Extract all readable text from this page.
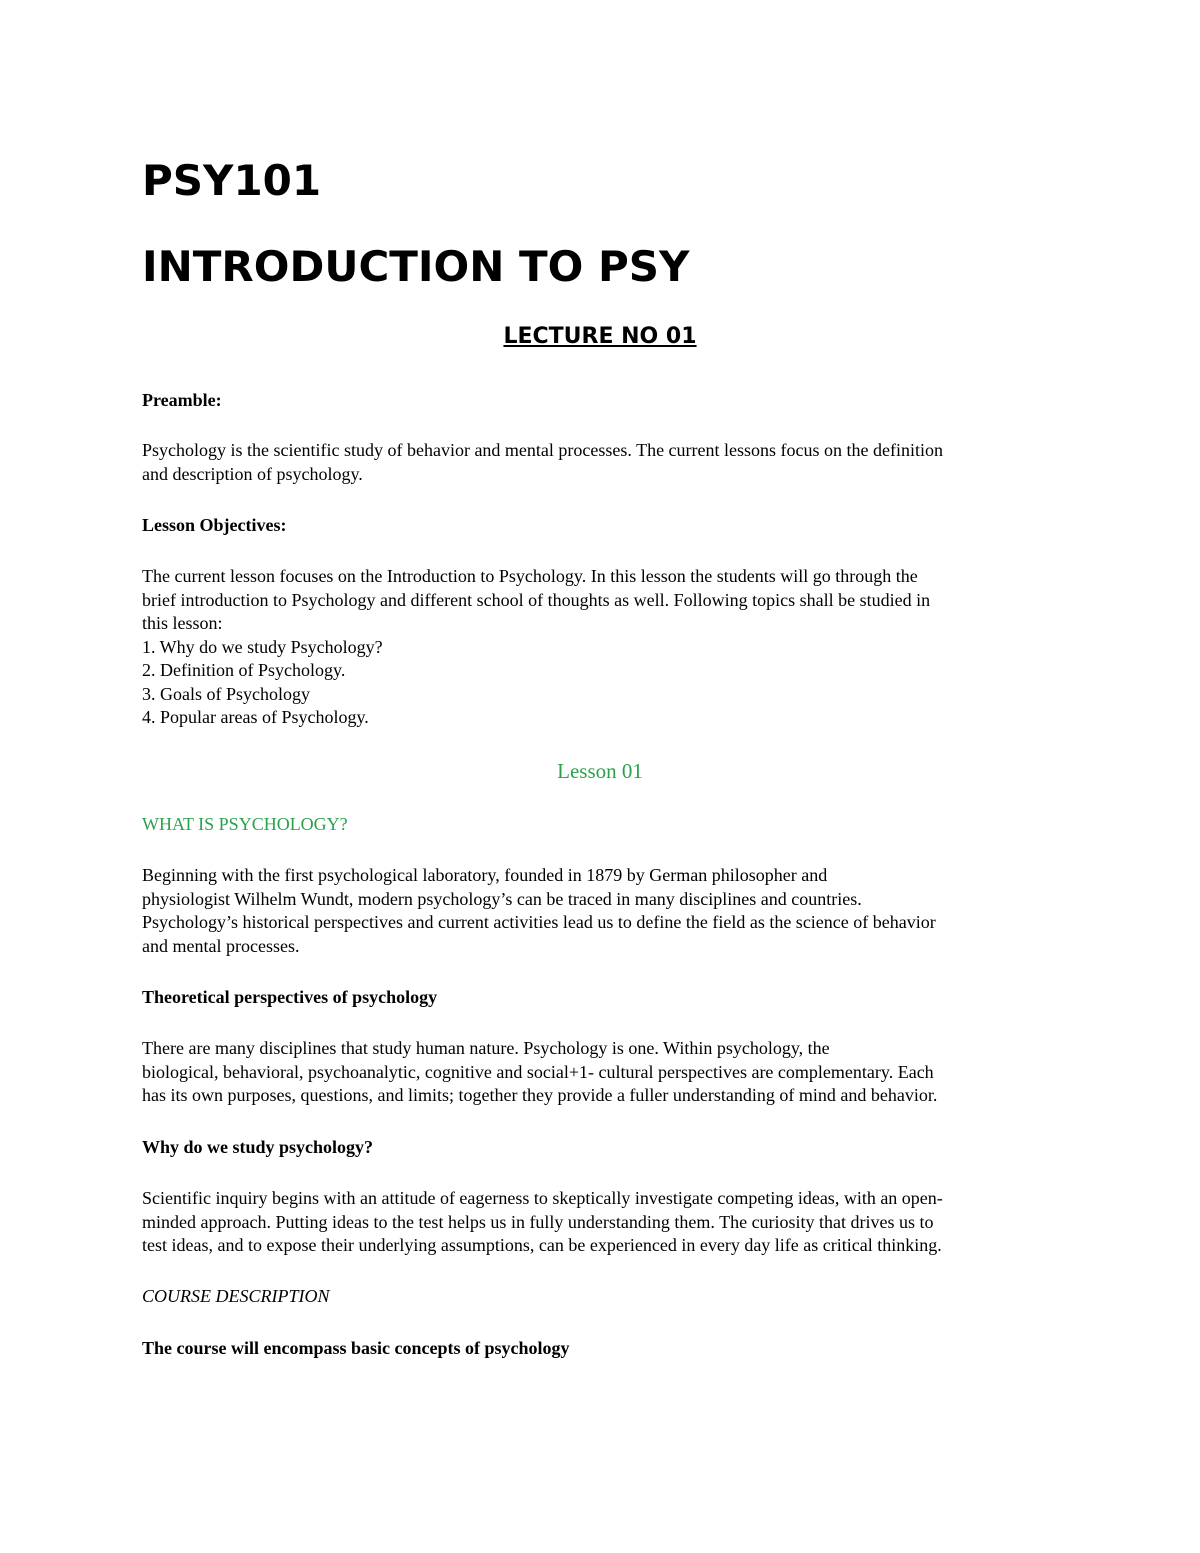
PSY101
INTRODUCTION TO PSY
LECTURE NO 01

Preamble:

Psychology is the scientific study of behavior and mental processes. The current lessons focus on the definition
and description of psychology.

Lesson Objectives:

The current lesson focuses on the Introduction to Psychology. In this lesson the students will go through the
brief introduction to Psychology and different school of thoughts as well. Following topics shall be studied in
this lesson:
1. Why do we study Psychology?
2. Definition of Psychology.
3. Goals of Psychology
4. Popular areas of Psychology.
Lesson 01

WHAT IS PSYCHOLOGY?

Beginning with the first psychological laboratory, founded in 1879 by German philosopher and
physiologist Wilhelm Wundt, modern psychology’s can be traced in many disciplines and countries.
Psychology’s historical perspectives and current activities lead us to define the field as the science of behavior
and mental processes.

Theoretical perspectives of psychology

There are many disciplines that study human nature. Psychology is one. Within psychology, the
biological, behavioral, psychoanalytic, cognitive and social+1- cultural perspectives are complementary. Each
has its own purposes, questions, and limits; together they provide a fuller understanding of mind and behavior.

Why do we study psychology?

Scientific inquiry begins with an attitude of eagerness to skeptically investigate competing ideas, with an open-
minded approach. Putting ideas to the test helps us in fully understanding them. The curiosity that drives us to
test ideas, and to expose their underlying assumptions, can be experienced in every day life as critical thinking.

COURSE DESCRIPTION

The course will encompass basic concepts of psychology
